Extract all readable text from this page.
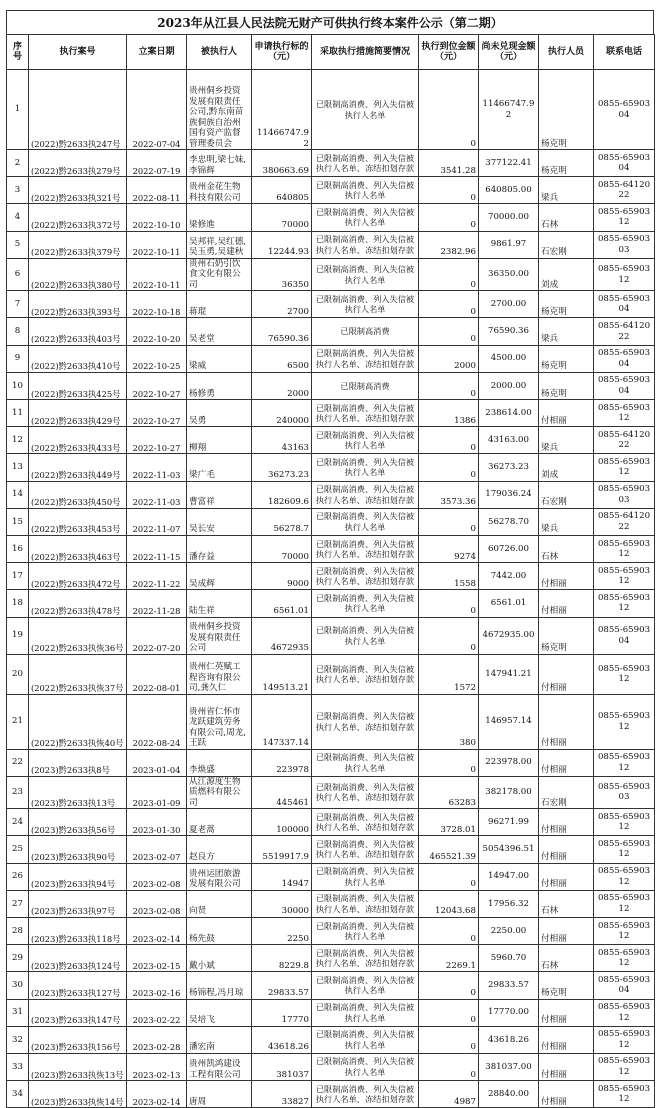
2023年从江县人民法院无财产可供执行终本案件公示（第二期）
序号	执行案号	立案日期	被执行人	申请执行标的（元）	采取执行措施简要情况	执行到位金额（元）	尚未兑现金额（元）	执行人员	联系电话
1	(2022)黔2633执247号	2022-07-04	贵州侗乡投资发展有限责任公司,黔东南苗族侗族自治州国有资产监督管理委员会	11466747.92	已限制高消费、列入失信被执行人名单	0	11466747.92	杨克明	0855-6590304
2	(2022)黔2633执279号	2022-07-19	李忠明,梁七妹,李锦辉	380663.69	已限制高消费、列入失信被执行人名单、冻结扣划存款	3541.28	377122.41	杨克明	0855-6590304
3	(2022)黔2633执321号	2022-08-11	贵州金花生物科技有限公司	640805	已限制高消费、列入失信被执行人名单	0	640805.00	梁兵	0855-6412022
4	(2022)黔2633执372号	2022-10-10	梁修進	70000	已限制高消费、列入失信被执行人名单	0	70000.00	石林	0855-6590312
5	(2022)黔2633执379号	2022-10-11	吴邦祥,吴红德,吴玉勇,吴建秋	12244.93	已限制高消费、列入失信被执行人名单、冻结扣划存款	2382.96	9861.97	石宏刚	0855-6590303
6	(2022)黔2633执380号	2022-10-11	贵州石奶引饮食文化有限公司	36350	已限制高消费、列入失信被执行人名单	0	36350.00	刘成	0855-6590312
7	(2022)黔2633执393号	2022-10-18	蒋琨	2700	已限制高消费、列入失信被执行人名单	0	2700.00	杨克明	0855-6590304
8	(2022)黔2633执403号	2022-10-20	吴老堂	76590.36	已限制高消费	0	76590.36	梁兵	0855-6412022
9	(2022)黔2633执410号	2022-10-25	梁威	6500	已限制高消费、列入失信被执行人名单、冻结扣划存款	2000	4500.00	杨克明	0855-6590304
10	(2022)黔2633执425号	2022-10-27	杨修勇	2000	已限制高消费	0	2000.00	杨克明	0855-6590304
11	(2022)黔2633执429号	2022-10-27	吴勇	240000	已限制高消费、列入失信被执行人名单、冻结扣划存款	1386	238614.00	付相丽	0855-6590312
12	(2022)黔2633执433号	2022-10-27	柳翔	43163	已限制高消费、列入失信被执行人名单	0	43163.00	梁兵	0855-6412022
13	(2022)黔2633执449号	2022-11-03	梁广毛	36273.23	已限制高消费、列入失信被执行人名单	0	36273.23	刘成	0855-6590312
14	(2022)黔2633执450号	2022-11-03	曹富祥	182609.6	已限制高消费、列入失信被执行人名单、冻结扣划存款	3573.36	179036.24	石宏刚	0855-6590303
15	(2022)黔2633执453号	2022-11-07	吴长安	56278.7	已限制高消费、列入失信被执行人名单	0	56278.70	梁兵	0855-6412022
16	(2022)黔2633执463号	2022-11-15	潘存益	70000	已限制高消费、列入失信被执行人名单、冻结扣划存款	9274	60726.00	石林	0855-6590312
17	(2022)黔2633执472号	2022-11-22	吴成辉	9000	已限制高消费、列入失信被执行人名单、冻结扣划存款	1558	7442.00	付相丽	0855-6590312
18	(2022)黔2633执478号	2022-11-28	陆生祥	6561.01	已限制高消费、列入失信被执行人名单	0	6561.01	付相丽	0855-6590312
19	(2022)黔2633执恢36号	2022-07-20	贵州侗乡投资发展有限责任公司	4672935	已限制高消费、列入失信被执行人名单	0	4672935.00	杨克明	0855-6590304
20	(2022)黔2633执恢37号	2022-08-01	贵州仁英赋工程咨询有限公司,龚久仁	149513.21	已限制高消费、列入失信被执行人名单、冻结扣划存款	1572	147941.21	付相丽	0855-6590312
21	(2022)黔2633执恢40号	2022-08-24	贵州省仁怀市龙跃建筑劳务有限公司,周龙,王跃	147337.14	已限制高消费、列入失信被执行人名单、冻结扣划存款	380	146957.14	付相丽	0855-6590312
22	(2023)黔2633执8号	2023-01-04	李焕盛	223978	已限制高消费、列入失信被执行人名单	0	223978.00	付相丽	0855-6590312
23	(2023)黔2633执13号	2023-01-09	从江源度生物质燃料有限公司	445461	已限制高消费、列入失信被执行人名单、冻结扣划存款	63283	382178.00	石宏刚	0855-6590303
24	(2023)黔2633执56号	2023-01-30	夏老蒿	100000	已限制高消费、列入失信被执行人名单、冻结扣划存款	3728.01	96271.99	付相丽	0855-6590312
25	(2023)黔2633执90号	2023-02-07	赵良方	5519917.9	已限制高消费、列入失信被执行人名单、冻结扣划存款	465521.39	5054396.51	付相丽	0855-6590312
26	(2023)黔2633执94号	2023-02-08	贵州运团旅游发展有限公司	14947	已限制高消费、列入失信被执行人名单	0	14947.00	付相丽	0855-6590312
27	(2023)黔2633执97号	2023-02-08	向贤	30000	已限制高消费、列入失信被执行人名单、冻结扣划存款	12043.68	17956.32	石林	0855-6590312
28	(2023)黔2633执118号	2023-02-14	杨先鼓	2250	已限制高消费、列入失信被执行人名单	0	2250.00	付相丽	0855-6590312
29	(2023)黔2633执124号	2023-02-15	戴小斌	8229.8	已限制高消费、列入失信被执行人名单、冻结扣划存款	2269.1	5960.70	石林	0855-6590312
30	(2023)黔2633执127号	2023-02-16	杨锦程,冯月琼	29833.57	已限制高消费、列入失信被执行人名单	0	29833.57	杨克明	0855-6590304
31	(2023)黔2633执147号	2023-02-22	吴培飞	17770	已限制高消费、列入失信被执行人名单	0	17770.00	付相丽	0855-6590312
32	(2023)黔2633执156号	2023-02-28	潘宏南	43618.26	已限制高消费、列入失信被执行人名单	0	43618.26	付相丽	0855-6590312
33	(2023)黔2633执恢13号	2023-02-13	贵州凯鸿建设工程有限公司	381037	已限制高消费、列入失信被执行人名单	0	381037.00	付相丽	0855-6590312
34	(2023)黔2633执恢14号	2023-02-14	唐周	33827	已限制高消费、列入失信被执行人名单、冻结扣划存款	4987	28840.00	付相丽	0855-6590312
